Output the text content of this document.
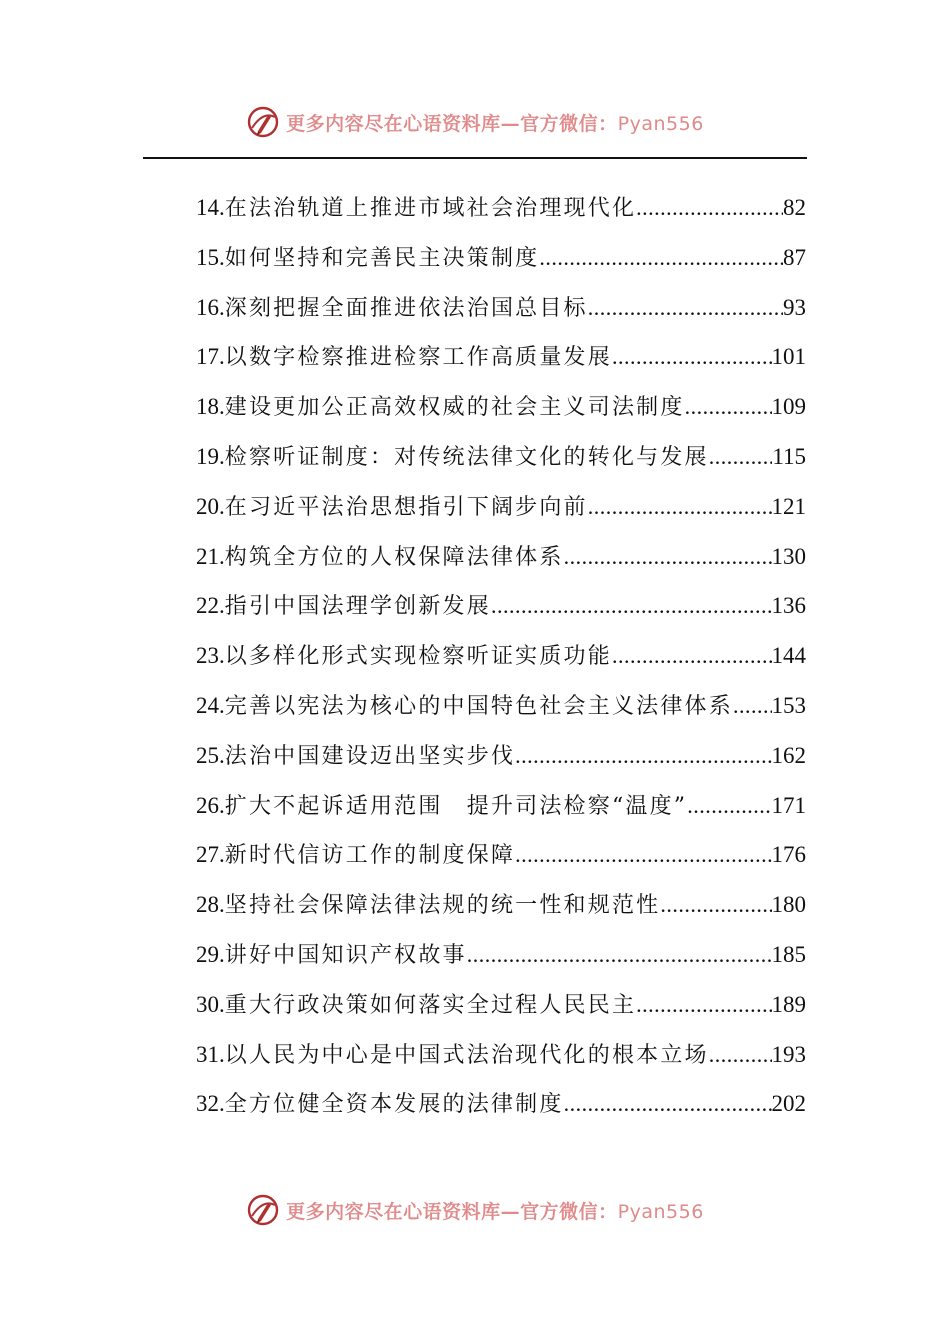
更多内容尽在心语资料库—官方微信：Pyan556
14. 在法治轨道上推进市域社会治理现代化 .....	82
15. 如何坚持和完善民主决策制度 .....	87
16. 深刻把握全面推进依法治国总目标 .....	93
17. 以数字检察推进检察工作高质量发展 .....	101
18. 建设更加公正高效权威的社会主义司法制度 .....	109
19. 检察听证制度：对传统法律文化的转化与发展 .....	115
20. 在习近平法治思想指引下阔步向前 .....	121
21. 构筑全方位的人权保障法律体系 .....	130
22. 指引中国法理学创新发展 .....	136
23. 以多样化形式实现检察听证实质功能 .....	144
24. 完善以宪法为核心的中国特色社会主义法律体系 ..... 153
25. 法治中国建设迈出坚实步伐 .....	162
26. 扩大不起诉适用范围　提升司法检察“温度” .....	171
27. 新时代信访工作的制度保障 .....	176
28. 坚持社会保障法律法规的统一性和规范性 .....	180
29. 讲好中国知识产权故事 .....	185
30. 重大行政决策如何落实全过程人民民主 .....	189
31. 以人民为中心是中国式法治现代化的根本立场 .....	193
32. 全方位健全资本发展的法律制度 .....	202
更多内容尽在心语资料库—官方微信：Pyan556
